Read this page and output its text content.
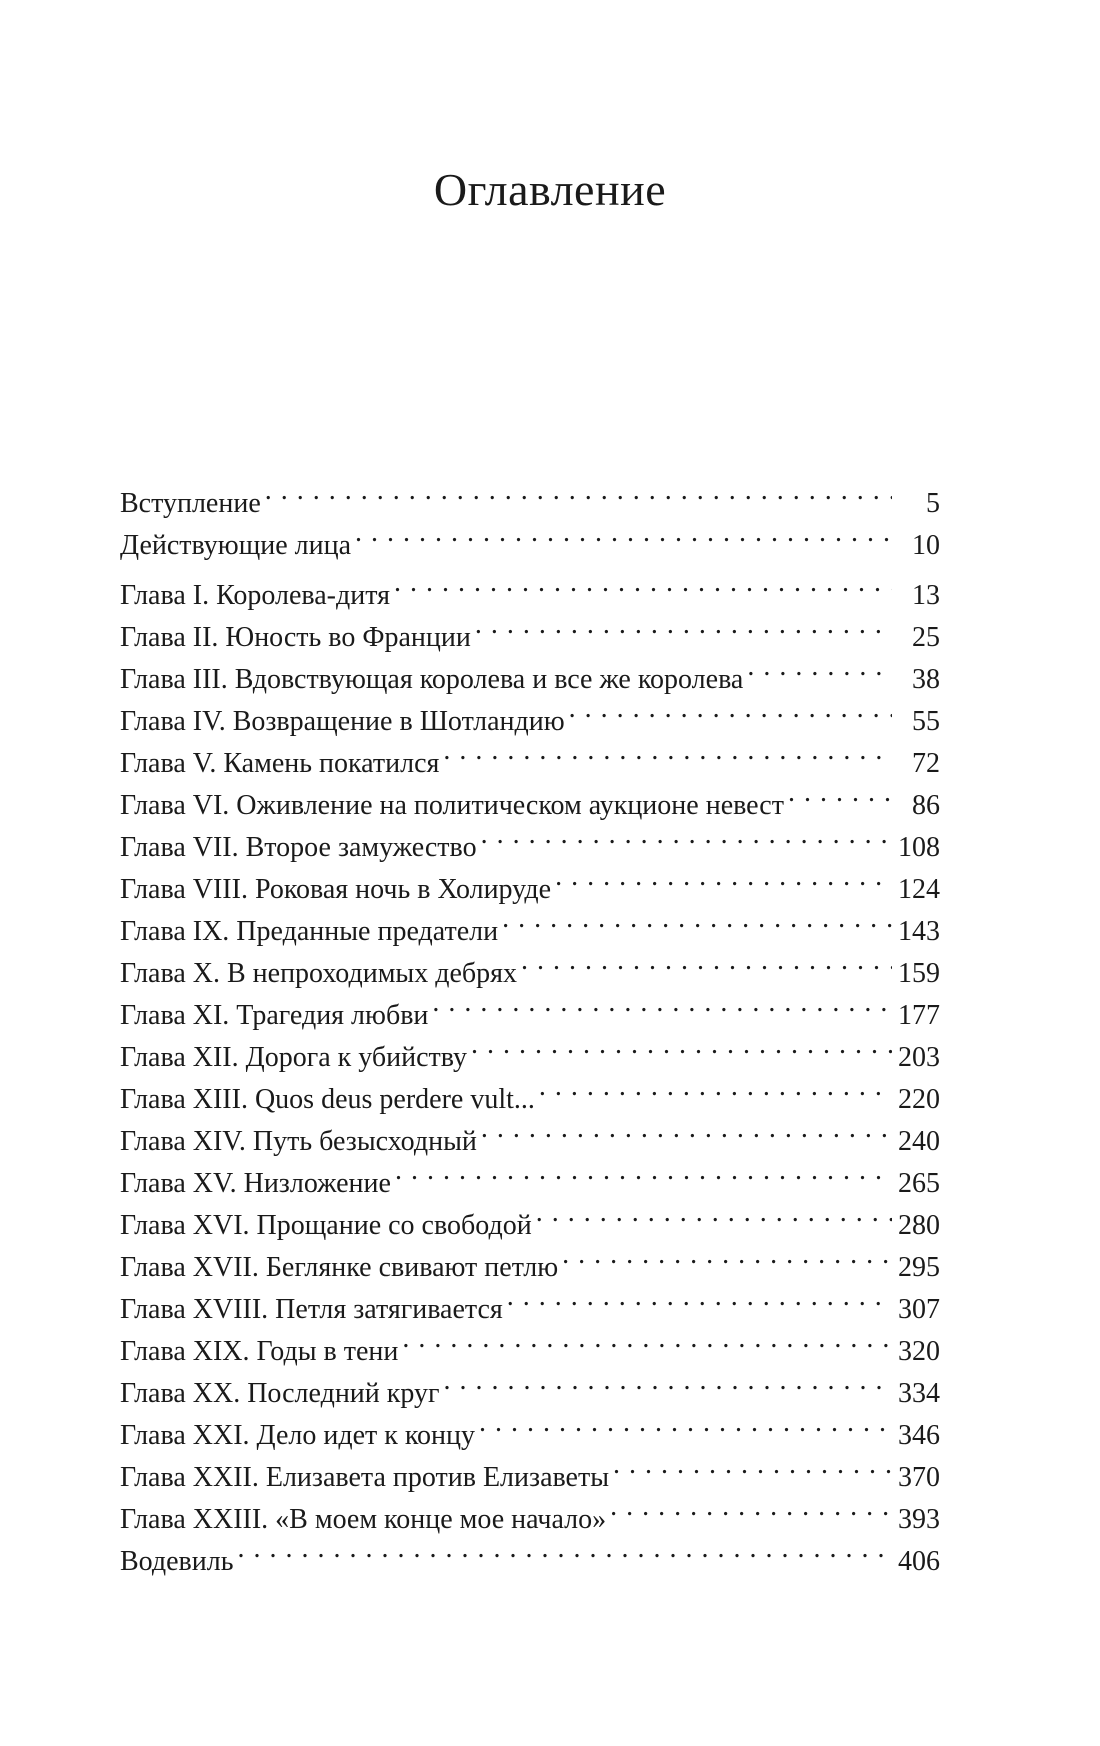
Оглавление
Вступление . . .	5
Действующие лица . . .	10
Глава I. Королева-дитя . . .	13
Глава II. Юность во Франции . . .	25
Глава III. Вдовствующая королева и все же королева . . .	38
Глава IV. Возвращение в Шотландию . . .	55
Глава V. Камень покатился . . .	72
Глава VI. Оживление на политическом аукционе невест . . .	86
Глава VII. Второе замужество . . .	108
Глава VIII. Роковая ночь в Холируде . . .	124
Глава IX. Преданные предатели . . .	143
Глава X. В непроходимых дебрях . . .	159
Глава XI. Трагедия любви . . .	177
Глава XII. Дорога к убийству . . .	203
Глава XIII. Quos deus perdere vult... . . .	220
Глава XIV. Путь безысходный . . .	240
Глава XV. Низложение . . .	265
Глава XVI. Прощание со свободой . . .	280
Глава XVII. Беглянке свивают петлю . . .	295
Глава XVIII. Петля затягивается . . .	307
Глава XIX. Годы в тени . . .	320
Глава XX. Последний круг . . .	334
Глава XXI. Дело идет к концу . . .	346
Глава XXII. Елизавета против Елизаветы . . .	370
Глава XXIII. «В моем конце мое начало» . . .	393
Водевиль . . .	406
